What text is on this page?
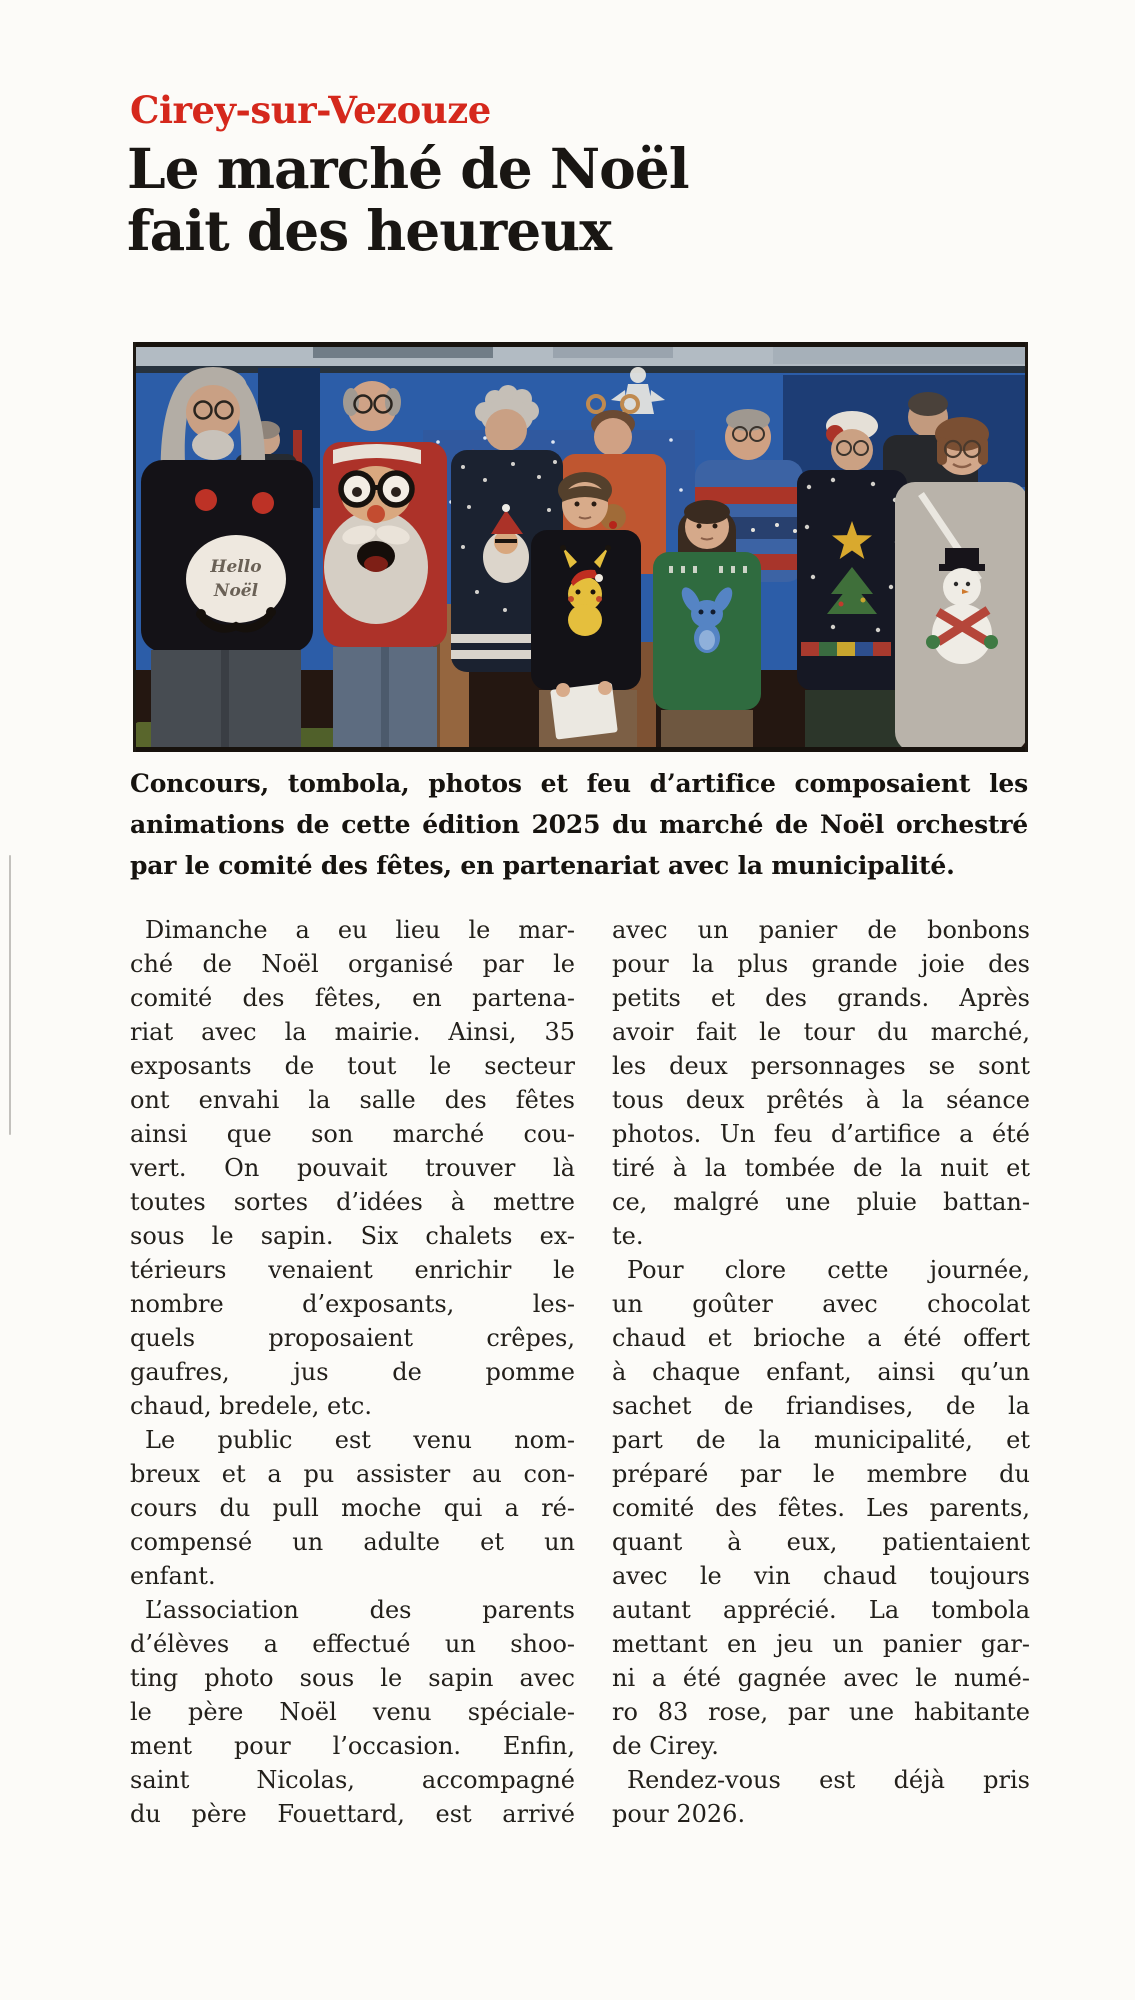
Cirey-sur-Vezouze
Le marché de Noël
fait des heureux
Hello
Noël
Concours, tombola, photos et feu d’artifice composaient les
animations de cette édition 2025 du marché de Noël orchestré
par le comité des fêtes, en partenariat avec la municipalité.
Dimanche a eu lieu le mar-
ché de Noël organisé par le
comité des fêtes, en partena-
riat avec la mairie. Ainsi, 35
exposants de tout le secteur
ont envahi la salle des fêtes
ainsi que son marché cou-
vert. On pouvait trouver là
toutes sortes d’idées à mettre
sous le sapin. Six chalets ex-
térieurs venaient enrichir le
nombre d’exposants, les-
quels proposaient crêpes,
gaufres, jus de pomme
chaud, bredele, etc.
Le public est venu nom-
breux et a pu assister au con-
cours du pull moche qui a ré-
compensé un adulte et un
enfant.
L’association des parents
d’élèves a effectué un shoo-
ting photo sous le sapin avec
le père Noël venu spéciale-
ment pour l’occasion. Enfin,
saint Nicolas, accompagné
du père Fouettard, est arrivé
avec un panier de bonbons
pour la plus grande joie des
petits et des grands. Après
avoir fait le tour du marché,
les deux personnages se sont
tous deux prêtés à la séance
photos. Un feu d’artifice a été
tiré à la tombée de la nuit et
ce, malgré une pluie battan-
te.
Pour clore cette journée,
un goûter avec chocolat
chaud et brioche a été offert
à chaque enfant, ainsi qu’un
sachet de friandises, de la
part de la municipalité, et
préparé par le membre du
comité des fêtes. Les parents,
quant à eux, patientaient
avec le vin chaud toujours
autant apprécié. La tombola
mettant en jeu un panier gar-
ni a été gagnée avec le numé-
ro 83 rose, par une habitante
de Cirey.
Rendez-vous est déjà pris
pour 2026.
